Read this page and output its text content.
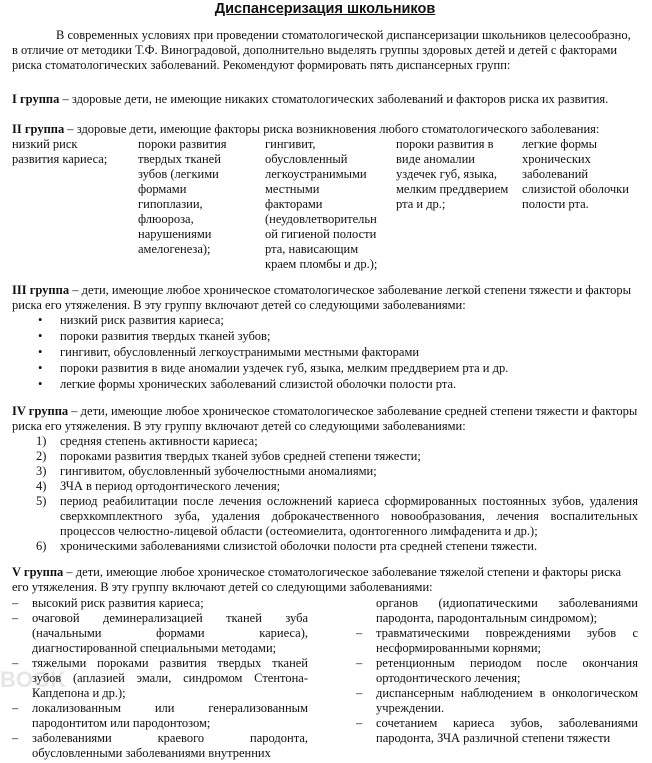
Диспансеризация школьников
В современных условиях при проведении стоматологической диспансеризации школьников целесообразно,
в отличие от методики Т.Ф. Виноградовой, дополнительно выделять группы здоровых детей и детей с факторами
риска стоматологических заболеваний. Рекомендуют формировать пять диспансерных групп:
I группа – здоровые дети, не имеющие никаких стоматологических заболеваний и факторов риска их развития.
II группа – здоровые дети, имеющие факторы риска возникновения любого стоматологического заболевания:
низкий риск
развития кариеса;
пороки развития
твердых тканей
зубов (легкими
формами
гипоплазии,
флюороза,
нарушениями
амелогенеза);
гингивит,
обусловленный
легкоустранимыми
местными
факторами
(неудовлетворительн
ой гигиеной полости
рта, нависающим
краем пломбы и др.);
пороки развития в
виде аномалии
уздечек губ, языка,
мелким преддверием
рта и др.;
легкие формы
хронических
заболеваний
слизистой оболочки
полости рта.
III группа – дети, имеющие любое хроническое стоматологическое заболевание легкой степени тяжести и факторы
риска его утяжеления. В эту группу включают детей со следующими заболеваниями:
• низкий риск развития кариеса;
• пороки развития твердых тканей зубов;
• гингивит, обусловленный легкоустранимыми местными факторами
• пороки развития в виде аномалии уздечек губ, языка, мелким преддверием рта и др.
• легкие формы хронических заболеваний слизистой оболочки полости рта.
IV группа – дети, имеющие любое хроническое стоматологическое заболевание средней степени тяжести и факторы
риска его утяжеления. В эту группу включают детей со следующими заболеваниями:
1) средняя степень активности кариеса;
2) пороками развития твердых тканей зубов средней степени тяжести;
3) гингивитом, обусловленный зубочелюстными аномалиями;
4) ЗЧА в период ортодонтического лечения;
5) период реабилитации после лечения осложнений кариеса сформированных постоянных зубов, удаления сверхкомплектного зуба, удаления доброкачественного новообразования, лечения воспалительных процессов челюстно-лицевой области (остеомиелита, одонтогенного лимфаденита и др.);
6) хроническими заболеваниями слизистой оболочки полости рта средней степени тяжести.
V группа – дети, имеющие любое хроническое стоматологическое заболевание тяжелой степени и факторы риска
его утяжеления. В эту группу включают детей со следующими заболеваниями:
– высокий риск развития кариеса;
– очаговой деминерализацией тканей зуба (начальными формами кариеса), диагностированной специальными методами;
– тяжелыми пороками развития твердых тканей зубов (аплазией эмали, синдромом Стентона-Капдепона и др.);
– локализованным или генерализованным пародонтитом или пародонтозом;
– заболеваниями краевого пародонта, обусловленными заболеваниями внутренних
органов (идиопатическими заболеваниями пародонта, пародонтальным синдромом);
– травматическими повреждениями зубов с несформированными корнями;
– ретенционным периодом после окончания ортодонтического лечения;
– диспансерным наблюдением в онкологическом учреждении.
– сочетанием кариеса зубов, заболеваниями пародонта, ЗЧА различной степени тяжести
BOOK
